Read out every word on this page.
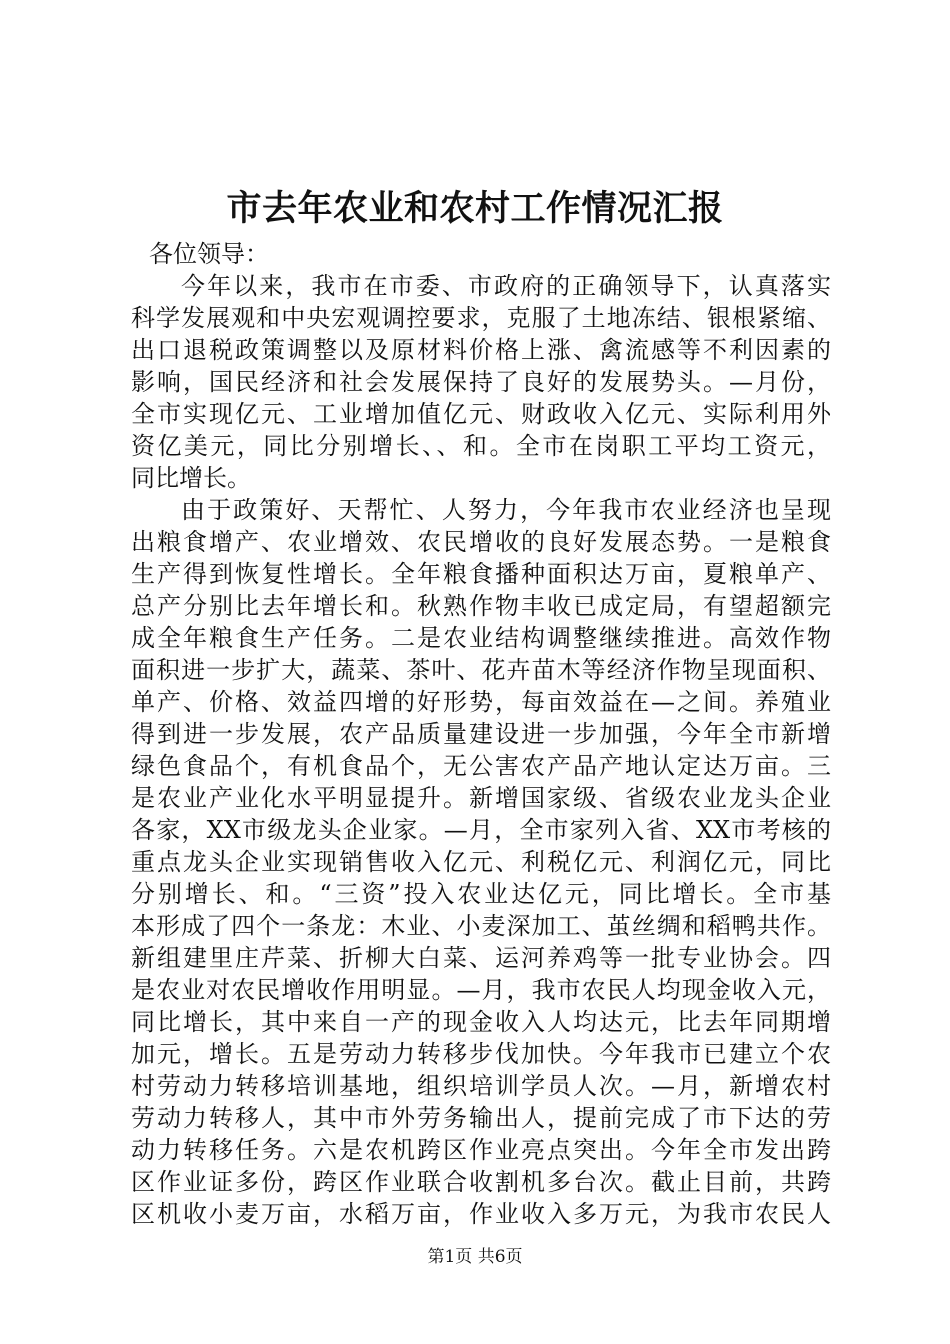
市去年农业和农村工作情况汇报
各位领导：
今年以来，我市在市委、市政府的正确领导下，认真落实
科学发展观和中央宏观调控要求，克服了土地冻结、银根紧缩、
出口退税政策调整以及原材料价格上涨、禽流感等不利因素的
影响，国民经济和社会发展保持了良好的发展势头。—月份，
全市实现亿元、工业增加值亿元、财政收入亿元、实际利用外
资亿美元，同比分别增长、、和。全市在岗职工平均工资元，
同比增长。
由于政策好、天帮忙、人努力，今年我市农业经济也呈现
出粮食增产、农业增效、农民增收的良好发展态势。一是粮食
生产得到恢复性增长。全年粮食播种面积达万亩，夏粮单产、
总产分别比去年增长和。秋熟作物丰收已成定局，有望超额完
成全年粮食生产任务。二是农业结构调整继续推进。高效作物
面积进一步扩大，蔬菜、茶叶、花卉苗木等经济作物呈现面积、
单产、价格、效益四增的好形势，每亩效益在—之间。养殖业
得到进一步发展，农产品质量建设进一步加强，今年全市新增
绿色食品个，有机食品个，无公害农产品产地认定达万亩。三
是农业产业化水平明显提升。新增国家级、省级农业龙头企业
各家，XX市级龙头企业家。—月，全市家列入省、XX市考核的
重点龙头企业实现销售收入亿元、利税亿元、利润亿元，同比
分别增长、和。“三资”投入农业达亿元，同比增长。全市基
本形成了四个一条龙：木业、小麦深加工、茧丝绸和稻鸭共作。
新组建里庄芹菜、折柳大白菜、运河养鸡等一批专业协会。四
是农业对农民增收作用明显。—月，我市农民人均现金收入元，
同比增长，其中来自一产的现金收入人均达元，比去年同期增
加元，增长。五是劳动力转移步伐加快。今年我市已建立个农
村劳动力转移培训基地，组织培训学员人次。—月，新增农村
劳动力转移人，其中市外劳务输出人，提前完成了市下达的劳
动力转移任务。六是农机跨区作业亮点突出。今年全市发出跨
区作业证多份，跨区作业联合收割机多台次。截止目前，共跨
区机收小麦万亩，水稻万亩，作业收入多万元，为我市农民人
第1页 共6页
